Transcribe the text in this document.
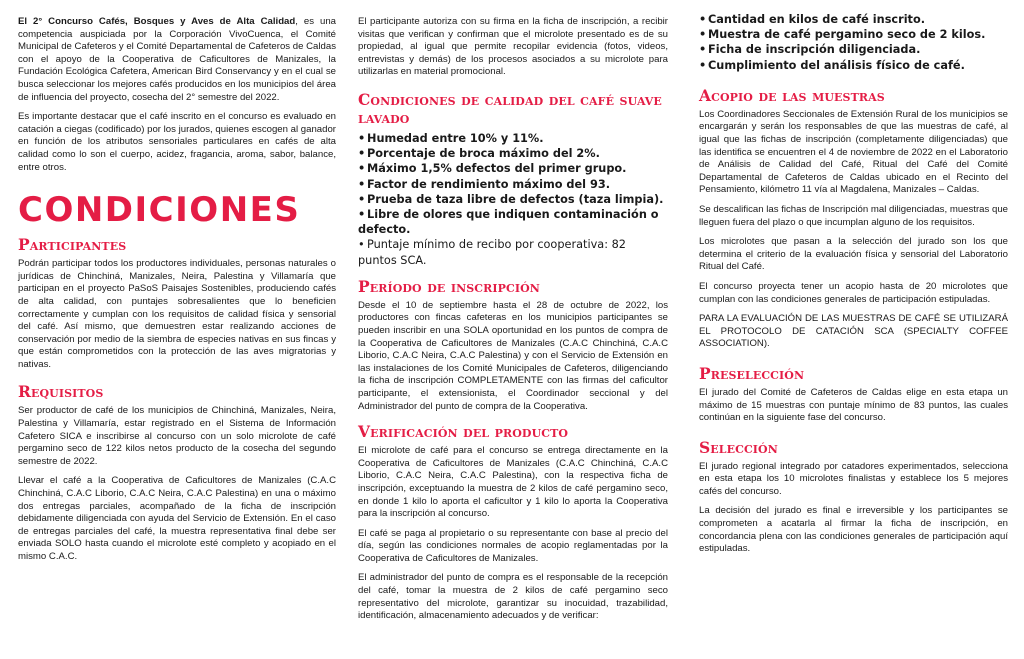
El 2° Concurso Cafés, Bosques y Aves de Alta Calidad, es una competencia auspiciada por la Corporación VivoCuenca, el Comité Municipal de Cafeteros y el Comité Departamental de Cafeteros de Caldas con el apoyo de la Cooperativa de Caficultores de Manizales, la Fundación Ecológica Cafetera, American Bird Conservancy y en el cual se busca seleccionar los mejores cafés producidos en los municipios del área de influencia del proyecto, cosecha del 2° semestre del 2022.

Es importante destacar que el café inscrito en el concurso es evaluado en catación a ciegas (codificado) por los jurados, quienes escogen al ganador en función de los atributos sensoriales particulares en cafés de alta calidad como lo son el cuerpo, acidez, fragancia, aroma, sabor, balance, entre otros.

CONDICIONES
Participantes

Podrán participar todos los productores individuales, personas naturales o jurídicas de Chinchiná, Manizales, Neira, Palestina y Villamaría que participan en el proyecto PaSoS Paisajes Sostenibles, produciendo cafés de alta calidad, con puntajes sobresalientes que lo beneficien correctamente y cumplan con los requisitos de calidad física y sensorial del café. Así mismo, que demuestren estar realizando acciones de conservación por medio de la siembra de especies nativas en sus fincas y que están comprometidos con la protección de las aves migratorias y nativas.

Requisitos

Ser productor de café de los municipios de Chinchiná, Manizales, Neira, Palestina y Villamaría, estar registrado en el Sistema de Información Cafetero SICA e inscribirse al concurso con un solo microlote de café pergamino seco de 122 kilos netos producto de la cosecha del segundo semestre de 2022.

Llevar el café a la Cooperativa de Caficultores de Manizales (C.A.C Chinchiná, C.A.C Liborio, C.A.C Neira, C.A.C Palestina) en una o máximo dos entregas parciales, acompañado de la ficha de inscripción debidamente diligenciada con ayuda del Servicio de Extensión. En el caso de entregas parciales del café, la muestra representativa final debe ser enviada SOLO hasta cuando el microlote esté completo y acopiado en el mismo C.A.C.

El participante autoriza con su firma en la ficha de inscripción, a recibir visitas que verifican y confirman que el microlote presentado es de su propiedad, al igual que permite recopilar evidencia (fotos, videos, entrevistas y demás) de los procesos asociados a su microlote para utilizarlas en material promocional.

Condiciones de calidad del café suave lavado
• Humedad entre 10% y 11%.
• Porcentaje de broca máximo del 2%.
• Máximo 1,5% defectos del primer grupo.
• Factor de rendimiento máximo del 93.
• Prueba de taza libre de defectos (taza limpia).
• Libre de olores que indiquen contaminación o defecto.
• Puntaje mínimo de recibo por cooperativa: 82 puntos SCA.
Período de inscripción

Desde el 10 de septiembre hasta el 28 de octubre de 2022, los productores con fincas cafeteras en los municipios participantes se pueden inscribir en una SOLA oportunidad en los puntos de compra de la Cooperativa de Caficultores de Manizales (C.A.C Chinchiná, C.A.C Liborio, C.A.C Neira, C.A.C Palestina) y con el Servicio de Extensión en las instalaciones de los Comité Municipales de Cafeteros, diligenciando la ficha de inscripción COMPLETAMENTE con las firmas del caficultor participante, el extensionista, el Coordinador seccional y del Administrador del punto de compra de la Cooperativa.

Verificación del producto

El microlote de café para el concurso se entrega directamente en la Cooperativa de Caficultores de Manizales (C.A.C Chinchiná, C.A.C Liborio, C.A.C Neira, C.A.C Palestina), con la respectiva ficha de inscripción, exceptuando la muestra de 2 kilos de café pergamino seco, en donde 1 kilo lo aporta el caficultor y 1 kilo lo aporta la Cooperativa para la inscripción al concurso.

El café se paga al propietario o su representante con base al precio del día, según las condiciones normales de acopio reglamentadas por la Cooperativa de Caficultores de Manizales.

El administrador del punto de compra es el responsable de la recepción del café, tomar la muestra de 2 kilos de café pergamino seco representativo del microlote, garantizar su inocuidad, trazabilidad, identificación, almacenamiento adecuados y de verificar:

• Cantidad en kilos de café inscrito.
• Muestra de café pergamino seco de 2 kilos.
• Ficha de inscripción diligenciada.
• Cumplimiento del análisis físico de café.
Acopio de las muestras

Los Coordinadores Seccionales de Extensión Rural de los municipios se encargarán y serán los responsables de que las muestras de café, al igual que las fichas de inscripción (completamente diligenciadas) que las identifica se encuentren el 4 de noviembre de 2022 en el Laboratorio de Análisis de Calidad del Café, Ritual del Café del Comité Departamental de Cafeteros de Caldas ubicado en el Recinto del Pensamiento, kilómetro 11 vía al Magdalena, Manizales – Caldas.

Se descalifican las fichas de Inscripción mal diligenciadas, muestras que lleguen fuera del plazo o que incumplan alguno de los requisitos.

Los microlotes que pasan a la selección del jurado son los que determina el criterio de la evaluación física y sensorial del Laboratorio Ritual del Café.

El concurso proyecta tener un acopio hasta de 20 microlotes que cumplan con las condiciones generales de participación estipuladas.

PARA LA EVALUACIÓN DE LAS MUESTRAS DE CAFÉ SE UTILIZARÁ EL PROTOCOLO DE CATACIÓN SCA (SPECIALTY COFFEE ASSOCIATION).

Preselección

El jurado del Comité de Cafeteros de Caldas elige en esta etapa un máximo de 15 muestras con puntaje mínimo de 83 puntos, las cuales continúan en la siguiente fase del concurso.

Selección

El jurado regional integrado por catadores experimentados, selecciona en esta etapa los 10 microlotes finalistas y establece los 5 mejores cafés del concurso.

La decisión del jurado es final e irreversible y los participantes se comprometen a acatarla al firmar la ficha de inscripción, en concordancia plena con las condiciones generales de participación aquí estipuladas.
